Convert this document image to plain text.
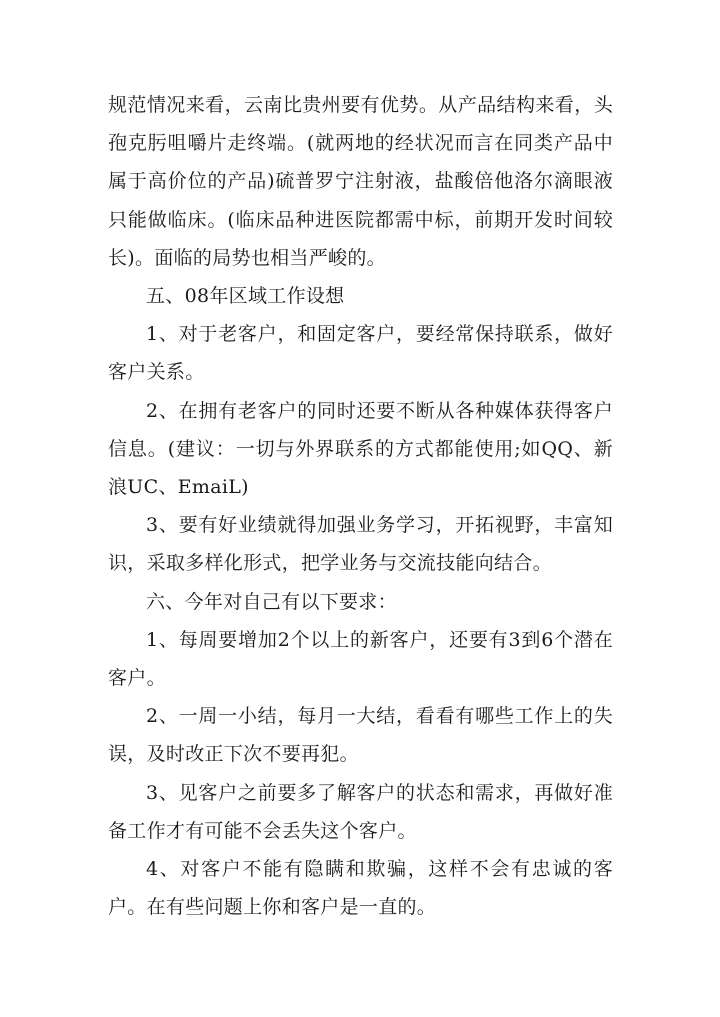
规范情况来看，云南比贵州要有优势。从产品结构来看，头孢克肟咀嚼片走终端。(就两地的经状况而言在同类产品中属于高价位的产品)硫普罗宁注射液，盐酸倍他洛尔滴眼液只能做临床。(临床品种进医院都需中标，前期开发时间较长)。面临的局势也相当严峻的。

五、08年区域工作设想

1、对于老客户，和固定客户，要经常保持联系，做好客户关系。

2、在拥有老客户的同时还要不断从各种媒体获得客户信息。(建议：一切与外界联系的方式都能使用;如QQ、新浪UC、EmaiL)

3、要有好业绩就得加强业务学习，开拓视野，丰富知识，采取多样化形式，把学业务与交流技能向结合。

六、今年对自己有以下要求：

1、每周要增加2个以上的新客户，还要有3到6个潜在客户。

2、一周一小结，每月一大结，看看有哪些工作上的失误，及时改正下次不要再犯。

3、见客户之前要多了解客户的状态和需求，再做好准备工作才有可能不会丢失这个客户。

4、对客户不能有隐瞒和欺骗，这样不会有忠诚的客户。在有些问题上你和客户是一直的。
